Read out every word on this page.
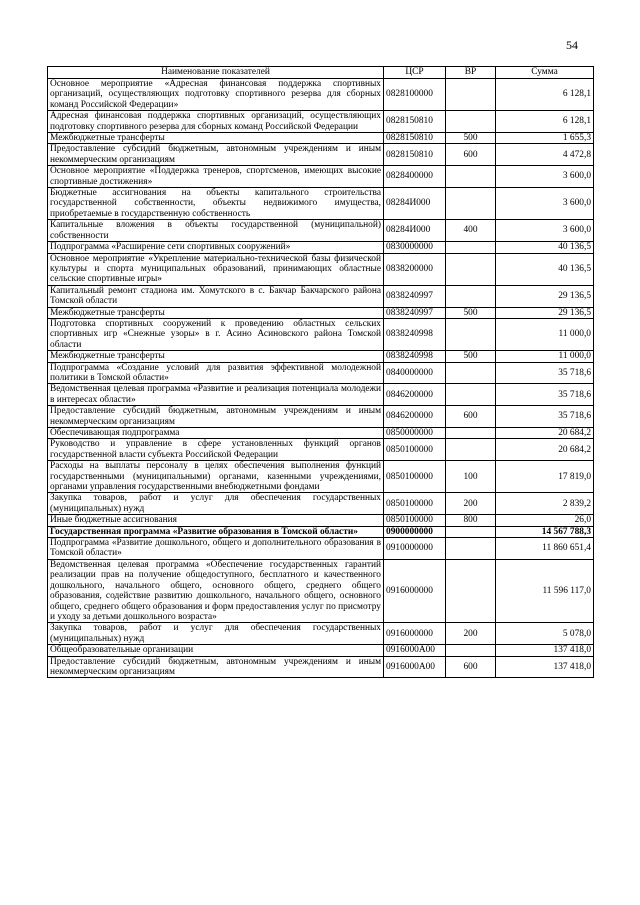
54
Наименование показателей	ЦСР	ВР	Сумма
Основное мероприятие «Адресная финансовая поддержка спортивных организаций, осуществляющих подготовку спортивного резерва для сборных команд Российской Федерации»	0828100000		6 128,1
Адресная финансовая поддержка спортивных организаций, осуществляющих подготовку спортивного резерва для сборных команд Российской Федерации	0828150810		6 128,1
Межбюджетные трансферты	0828150810	500	1 655,3
Предоставление субсидий бюджетным, автономным учреждениям и иным некоммерческим организациям	0828150810	600	4 472,8
Основное мероприятие «Поддержка тренеров, спортсменов, имеющих высокие спортивные достижения»	0828400000		3 600,0
Бюджетные ассигнования на объекты капитального строительства государственной собственности, объекты недвижимого имущества, приобретаемые в государственную собственность	08284И000		3 600,0
Капитальные вложения в объекты государственной (муниципальной) собственности	08284И000	400	3 600,0
Подпрограмма «Расширение сети спортивных сооружений»	0830000000		40 136,5
Основное мероприятие «Укрепление материально-технической базы физической культуры и спорта муниципальных образований, принимающих областные сельские спортивные игры»	0838200000		40 136,5
Капитальный ремонт стадиона им. Хомутского в с. Бакчар Бакчарского района Томской области	0838240997		29 136,5
Межбюджетные трансферты	0838240997	500	29 136,5
Подготовка спортивных сооружений к проведению областных сельских спортивных игр «Снежные узоры» в г. Асино Асиновского района Томской области	0838240998		11 000,0
Межбюджетные трансферты	0838240998	500	11 000,0
Подпрограмма «Создание условий для развития эффективной молодежной политики в Томской области»	0840000000		35 718,6
Ведомственная целевая программа «Развитие и реализация потенциала молодежи в интересах области»	0846200000		35 718,6
Предоставление субсидий бюджетным, автономным учреждениям и иным некоммерческим организациям	0846200000	600	35 718,6
Обеспечивающая подпрограмма	0850000000		20 684,2
Руководство и управление в сфере установленных функций органов государственной власти субъекта Российской Федерации	0850100000		20 684,2
Расходы на выплаты персоналу в целях обеспечения выполнения функций государственными (муниципальными) органами, казенными учреждениями, органами управления государственными внебюджетными фондами	0850100000	100	17 819,0
Закупка товаров, работ и услуг для обеспечения государственных (муниципальных) нужд	0850100000	200	2 839,2
Иные бюджетные ассигнования	0850100000	800	26,0
Государственная программа «Развитие образования в Томской области»	0900000000		14 567 788,3
Подпрограмма «Развитие дошкольного, общего и дополнительного образования в Томской области»	0910000000		11 860 651,4
Ведомственная целевая программа «Обеспечение государственных гарантий реализации прав на получение общедоступного, бесплатного и качественного дошкольного, начального общего, основного общего, среднего общего образования, содействие развитию дошкольного, начального общего, основного общего, среднего общего образования и форм предоставления услуг по присмотру и уходу за детьми дошкольного возраста»	0916000000		11 596 117,0
Закупка товаров, работ и услуг для обеспечения государственных (муниципальных) нужд	0916000000	200	5 078,0
Общеобразовательные организации	0916000А00		137 418,0
Предоставление субсидий бюджетным, автономным учреждениям и иным некоммерческим организациям	0916000А00	600	137 418,0
